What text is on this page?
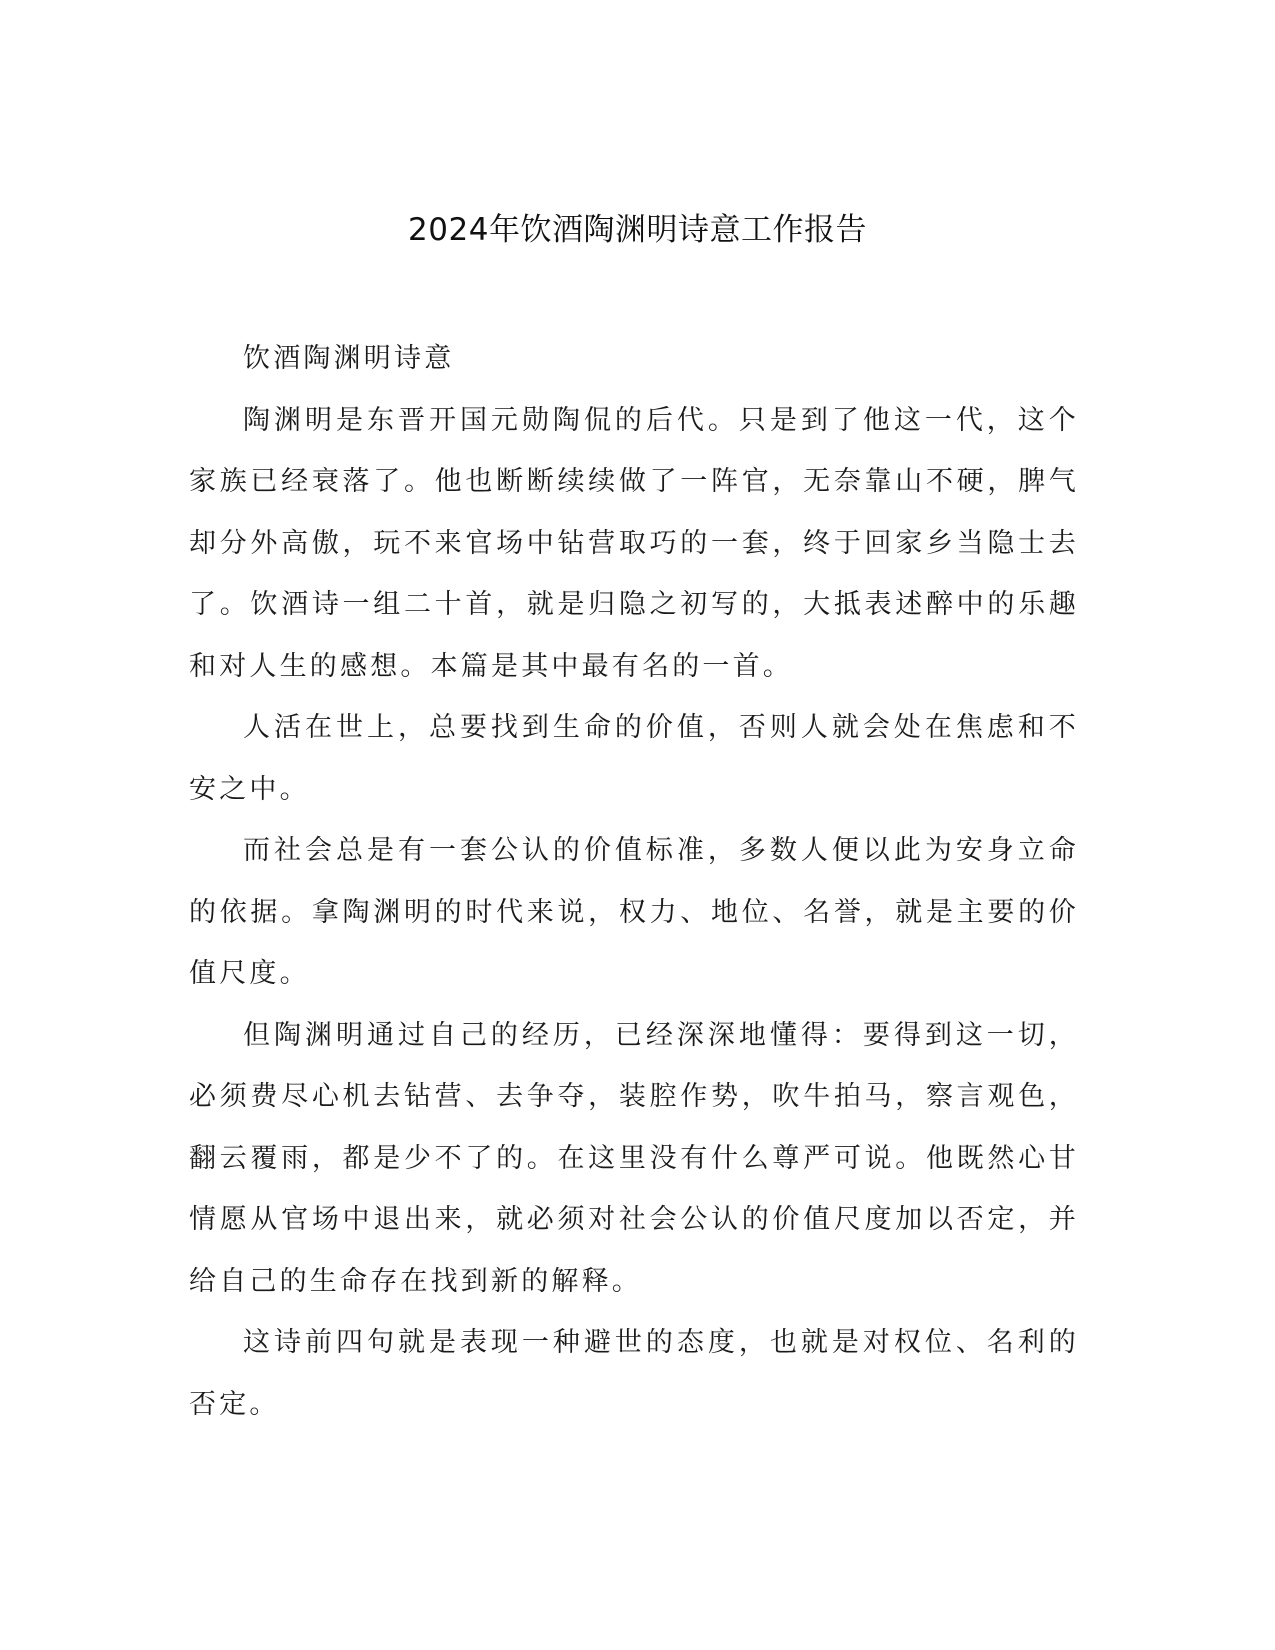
2024年饮酒陶渊明诗意工作报告

饮酒陶渊明诗意

陶渊明是东晋开国元勋陶侃的后代。只是到了他这一代，这个家族已经衰落了。他也断断续续做了一阵官，无奈靠山不硬，脾气却分外高傲，玩不来官场中钻营取巧的一套，终于回家乡当隐士去了。饮酒诗一组二十首，就是归隐之初写的，大抵表述醉中的乐趣和对人生的感想。本篇是其中最有名的一首。

人活在世上，总要找到生命的价值，否则人就会处在焦虑和不安之中。

而社会总是有一套公认的价值标准，多数人便以此为安身立命的依据。拿陶渊明的时代来说，权力、地位、名誉，就是主要的价值尺度。

但陶渊明通过自己的经历，已经深深地懂得：要得到这一切，必须费尽心机去钻营、去争夺，装腔作势，吹牛拍马，察言观色，翻云覆雨，都是少不了的。在这里没有什么尊严可说。他既然心甘情愿从官场中退出来，就必须对社会公认的价值尺度加以否定，并给自己的生命存在找到新的解释。

这诗前四句就是表现一种避世的态度，也就是对权位、名利的否定。
